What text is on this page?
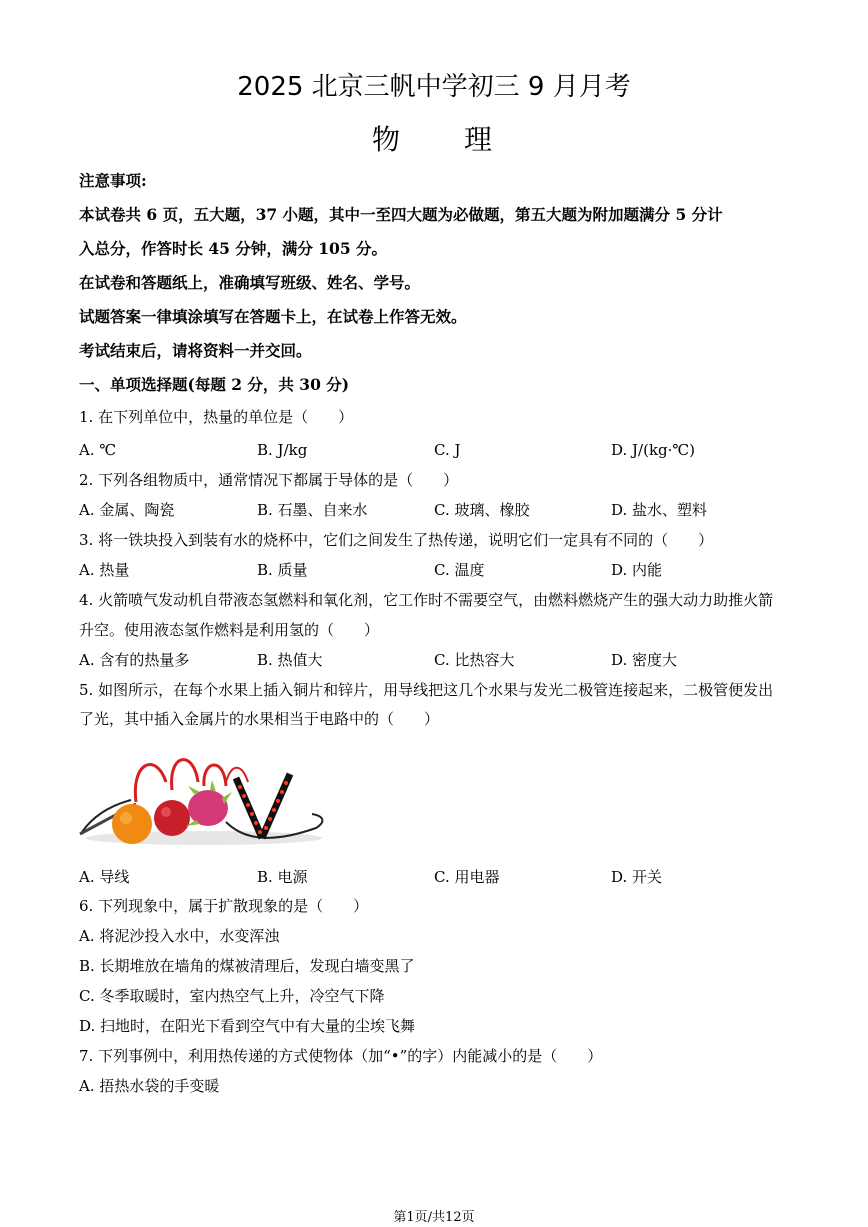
2025 北京三帆中学初三 9 月月考
物 理
注意事项:
本试卷共 6 页，五大题，37 小题，其中一至四大题为必做题，第五大题为附加题满分 5 分计
入总分，作答时长 45 分钟，满分 105 分。
在试卷和答题纸上，准确填写班级、姓名、学号。
试题答案一律填涂填写在答题卡上，在试卷上作答无效。
考试结束后，请将资料一并交回。
一、单项选择题(每题 2 分，共 30 分)
1. 在下列单位中，热量的单位是（　　）
A. ℃	B. J/kg	C. J	D. J/(kg·℃)
2. 下列各组物质中，通常情况下都属于导体的是（　　）
A. 金属、陶瓷	B. 石墨、自来水	C. 玻璃、橡胶	D. 盐水、塑料
3. 将一铁块投入到装有水的烧杯中，它们之间发生了热传递，说明它们一定具有不同的（　　）
A. 热量	B. 质量	C. 温度	D. 内能
4. 火箭喷气发动机自带液态氢燃料和氧化剂，它工作时不需要空气，由燃料燃烧产生的强大动力助推火箭
升空。使用液态氢作燃料是利用氢的（　　）
A. 含有的热量多	B. 热值大	C. 比热容大	D. 密度大
5. 如图所示，在每个水果上插入铜片和锌片，用导线把这几个水果与发光二极管连接起来，二极管便发出
了光，其中插入金属片的水果相当于电路中的（　　）
A. 导线	B. 电源	C. 用电器	D. 开关
6. 下列现象中，属于扩散现象的是（　　）
A. 将泥沙投入水中，水变浑浊
B. 长期堆放在墙角的煤被清理后，发现白墙变黑了
C. 冬季取暖时，室内热空气上升，冷空气下降
D. 扫地时，在阳光下看到空气中有大量的尘埃飞舞
7. 下列事例中，利用热传递的方式使物体（加“•”的字）内能减小的是（　　）
A. 捂热水袋的手变暖
第1页/共12页
